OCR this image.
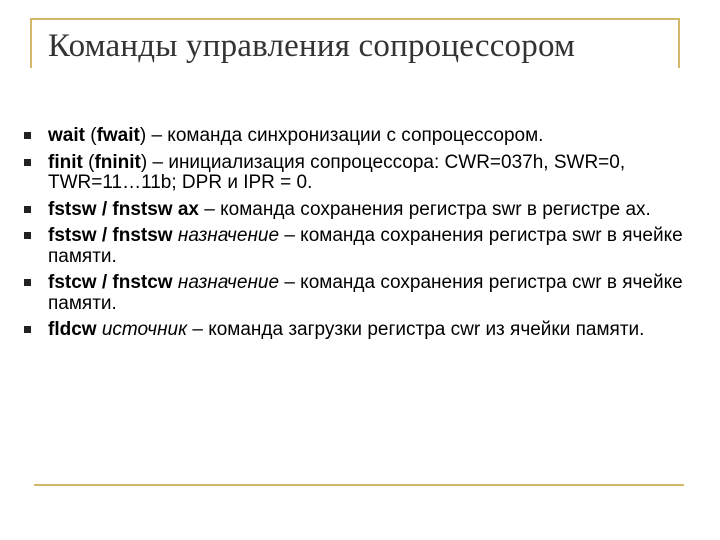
Команды управления сопроцессором
wait (fwait) – команда синхронизации с сопроцессором.
finit (fninit) – инициализация сопроцессора: CWR=037h, SWR=0, TWR=11…11b; DPR и IPR = 0.
fstsw / fnstsw ax – команда сохранения регистра swr в регистре ax.
fstsw / fnstsw назначение – команда сохранения регистра swr в ячейке памяти.
fstcw / fnstcw назначение – команда сохранения регистра cwr в ячейке памяти.
fldcw источник – команда загрузки регистра cwr из ячейки памяти.
